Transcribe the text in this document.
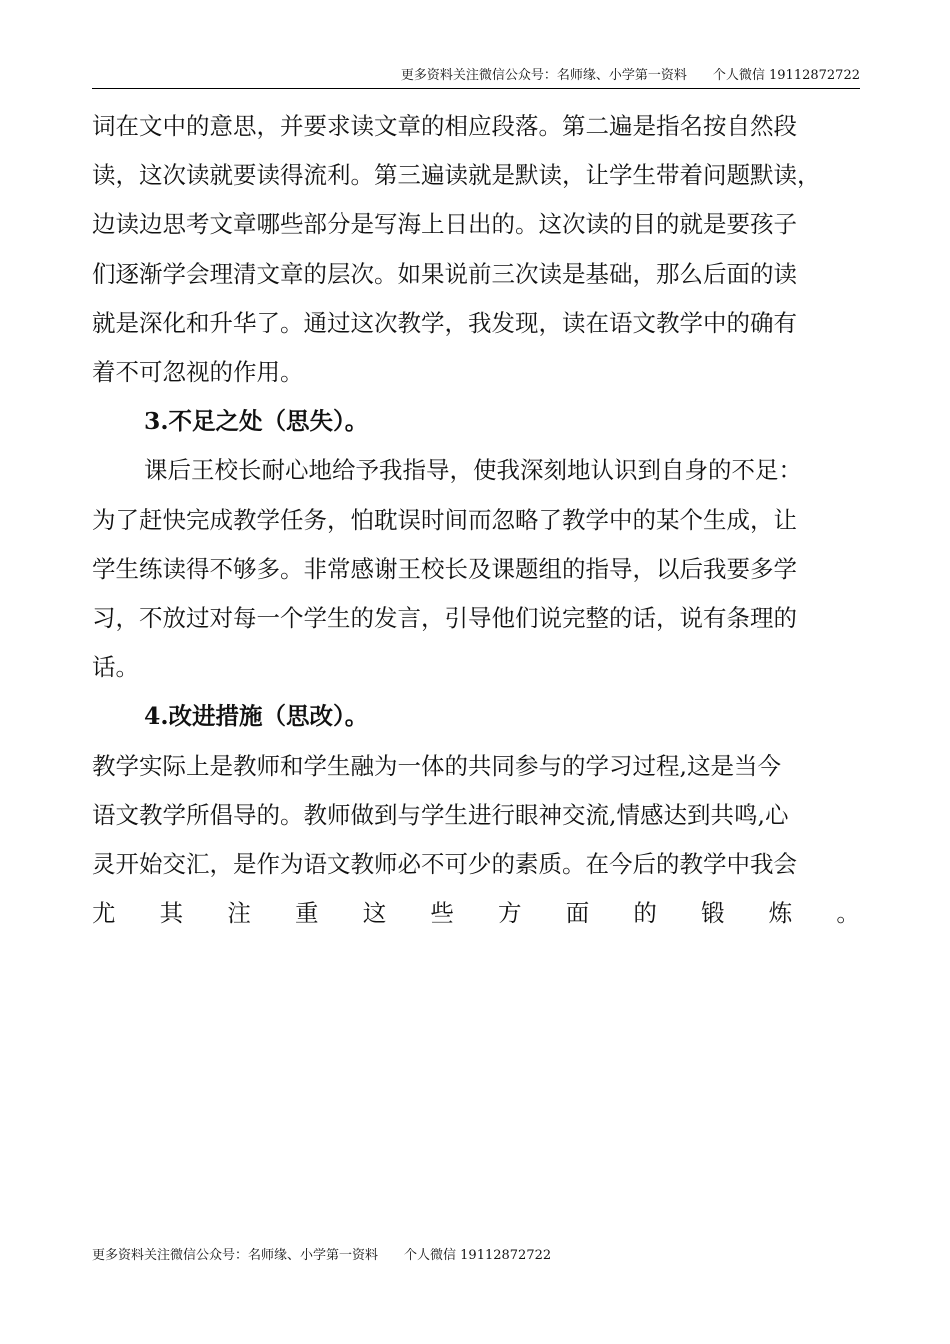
更多资料关注微信公众号：名师缘、小学第一资料 个人微信 19112872722
词在文中的意思，并要求读文章的相应段落。第二遍是指名按自然段
读，这次读就要读得流利。第三遍读就是默读，让学生带着问题默读，
边读边思考文章哪些部分是写海上日出的。这次读的目的就是要孩子
们逐渐学会理清文章的层次。如果说前三次读是基础，那么后面的读
就是深化和升华了。通过这次教学，我发现，读在语文教学中的确有
着不可忽视的作用。
3.不足之处（思失）。
课后王校长耐心地给予我指导，使我深刻地认识到自身的不足：
为了赶快完成教学任务，怕耽误时间而忽略了教学中的某个生成，让
学生练读得不够多。非常感谢王校长及课题组的指导，以后我要多学
习，不放过对每一个学生的发言，引导他们说完整的话，说有条理的
话。
4.改进措施（思改）。
教学实际上是教师和学生融为一体的共同参与的学习过程,这是当今
语文教学所倡导的。教师做到与学生进行眼神交流,情感达到共鸣,心
灵开始交汇，是作为语文教师必不可少的素质。在今后的教学中我会
尤 其 注 重 这 些 方 面 的 锻 炼 。
更多资料关注微信公众号：名师缘、小学第一资料 个人微信 19112872722
